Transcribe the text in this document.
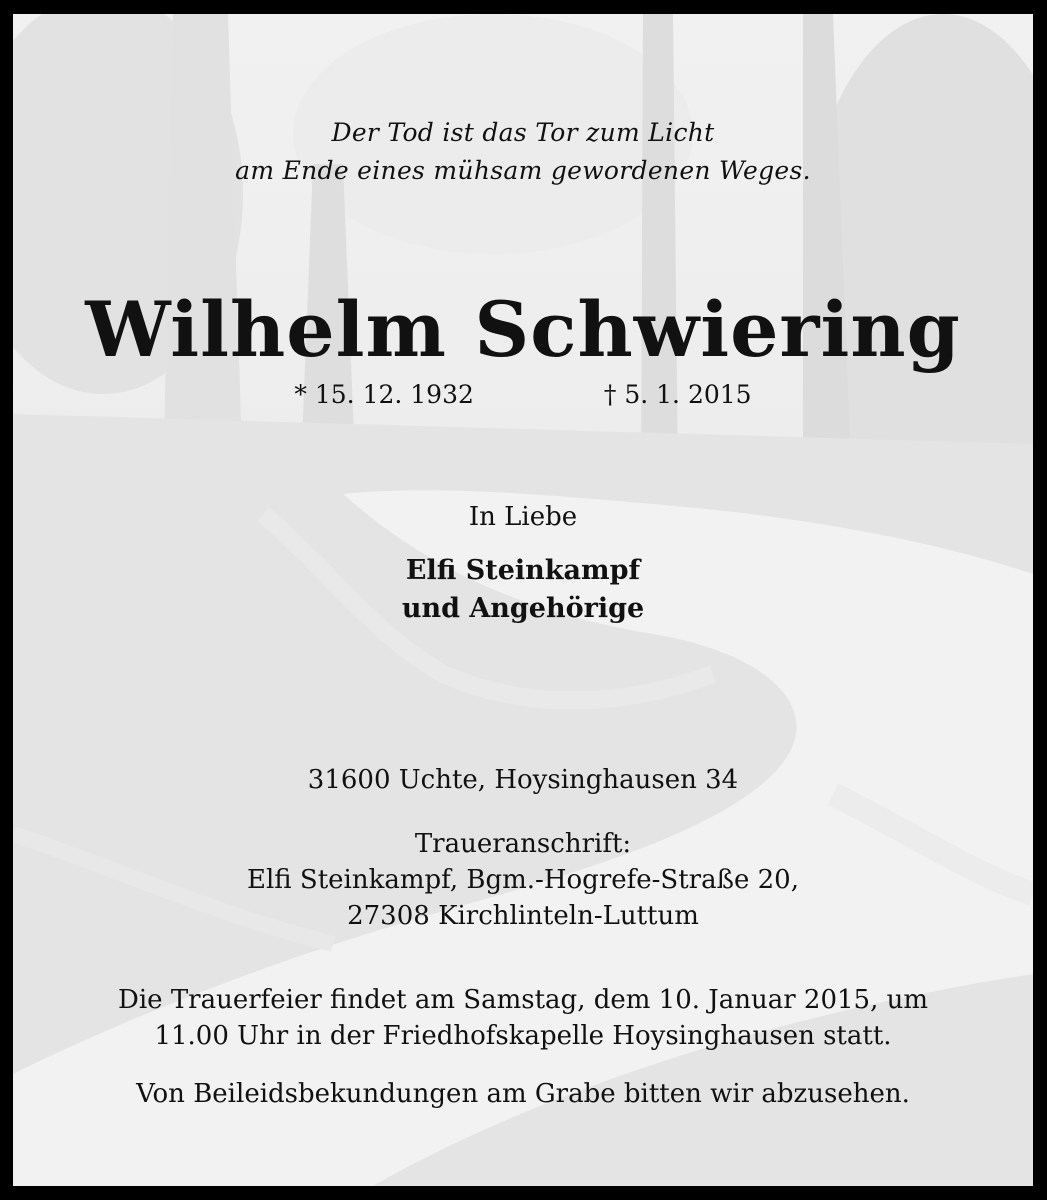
Der Tod ist das Tor zum Licht
am Ende eines mühsam gewordenen Weges.
Wilhelm Schwiering
* 15. 12. 1932	† 5. 1. 2015
In Liebe
Elfi Steinkampf
und Angehörige
31600 Uchte, Hoysinghausen 34
Traueranschrift:
Elfi Steinkampf, Bgm.-Hogrefe-Straße 20,
27308 Kirchlinteln-Luttum
Die Trauerfeier findet am Samstag, dem 10. Januar 2015, um
11.00 Uhr in der Friedhofskapelle Hoysinghausen statt.
Von Beileidsbekundungen am Grabe bitten wir abzusehen.
